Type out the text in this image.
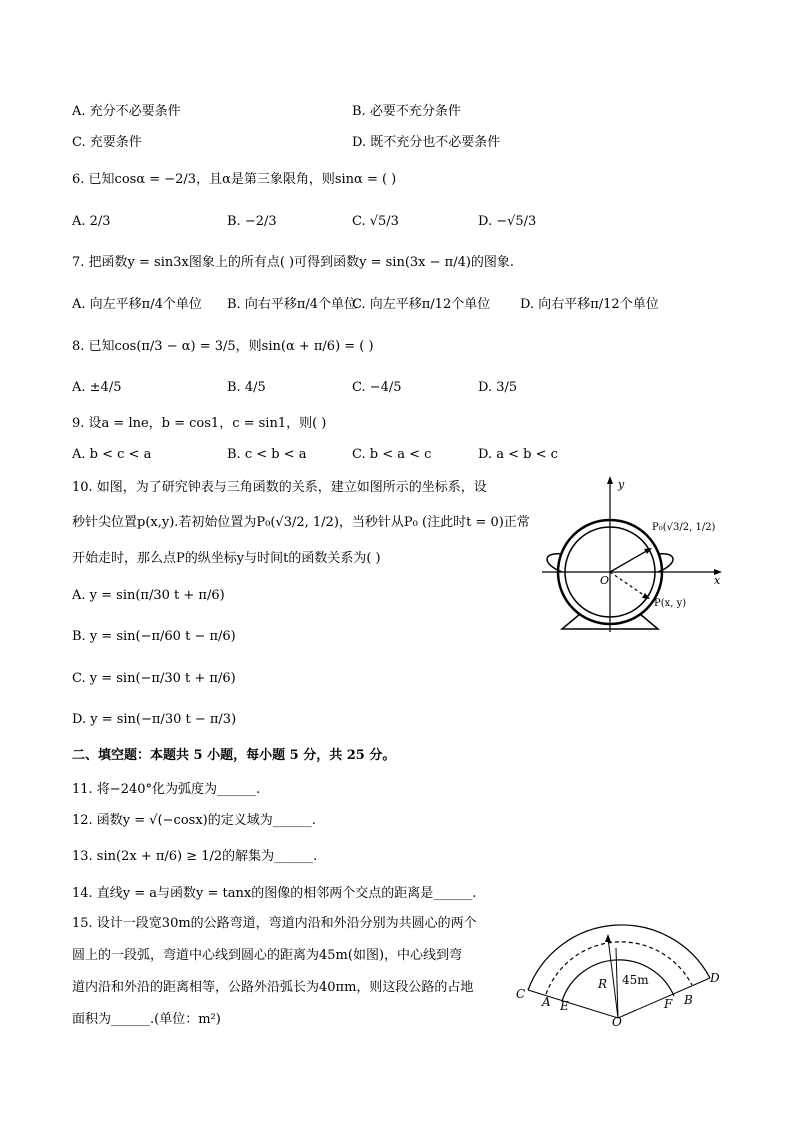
A. 充分不必要条件	B. 必要不充分条件
C. 充要条件	D. 既不充分也不必要条件
6. 已知cosα = −2/3，且α是第三象限角，则sinα = ( )
A. 2/3	B. −2/3	C. √5/3	D. −√5/3
7. 把函数y = sin3x图象上的所有点( )可得到函数y = sin(3x − π/4)的图象.
A. 向左平移π/4个单位 B. 向右平移π/4个单位
C. 向左平移π/12个单位 D. 向右平移π/12个单位
8. 已知cos(π/3 − α) = 3/5，则sin(α + π/6) = ( )
A. ±4/5	B. 4/5	C. −4/5	D. 3/5
9. 设a = lne，b = cos1，c = sin1，则( )
A. b < c < a	B. c < b < a	C. b < a < c	D. a < b < c
10. 如图，为了研究钟表与三角函数的关系，建立如图所示的坐标系，设
秒针尖位置p(x,y).若初始位置为P₀(√3/2, 1/2)，当秒针从P₀ (注此时t = 0)正常
开始走时，那么点P的纵坐标y与时间t的函数关系为( )
A. y = sin(π/30 t + π/6)
B. y = sin(−π/60 t − π/6)
C. y = sin(−π/30 t + π/6)
D. y = sin(−π/30 t − π/3)
y
x
O
P₀(√3/2, 1/2)
P(x, y)
二、填空题：本题共 5 小题，每小题 5 分，共 25 分。
11. 将−240°化为弧度为______.
12. 函数y = √(−cosx)的定义域为______.
13. sin(2x + π/6) ≥ 1/2的解集为______.
14. 直线y = a与函数y = tanx的图像的相邻两个交点的距离是______.
15. 设计一段宽30m的公路弯道，弯道内沿和外沿分别为共圆心的两个
圆上的一段弧，弯道中心线到圆心的距离为45m(如图)，中心线到弯
道内沿和外沿的距离相等，公路外沿弧长为40πm，则这段公路的占地
面积为______.(单位：m²)
C
A E
O
F B
D
R 45m
